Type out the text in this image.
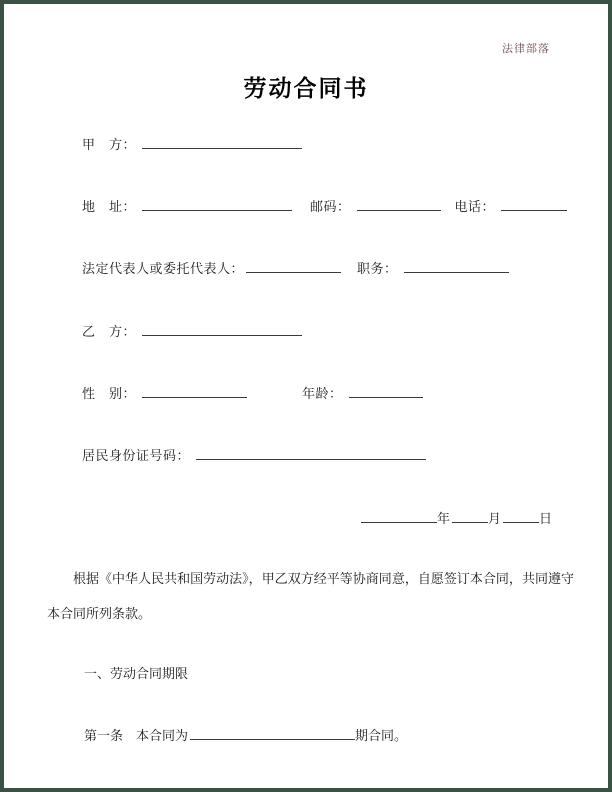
法律部落
劳动合同书
甲　方：
地　址：	邮码：	电话：
法定代表人或委托代表人：	职务：
乙　方：
性　别：	年龄：
居民身份证号码：
年	月	日
根据《中华人民共和国劳动法》，甲乙双方经平等协商同意，自愿签订本合同，共同遵守本合同所列条款。
一、劳动合同期限
第一条　本合同为	期合同。
